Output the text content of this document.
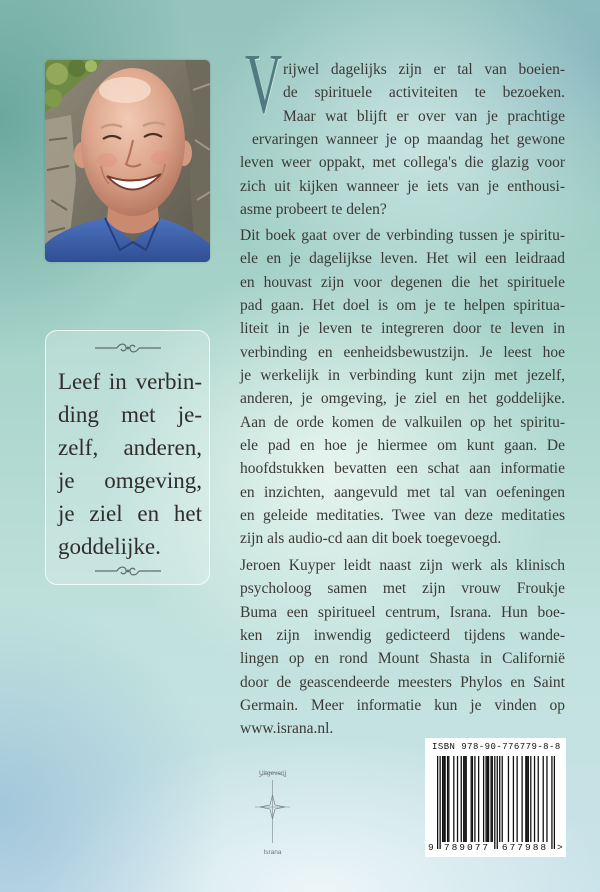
Leef in verbin-
ding met je-
zelf, anderen,
je omgeving,
je ziel en het
goddelijke.
V rijwel dagelijks zijn er tal van boeien-
de spirituele activiteiten te bezoeken.
Maar wat blijft er over van je prachtige
ervaringen wanneer je op maandag het gewone
leven weer oppakt, met collega's die glazig voor
zich uit kijken wanneer je iets van je enthousi-
asme probeert te delen?
Dit boek gaat over de verbinding tussen je spiritu-
ele en je dagelijkse leven. Het wil een leidraad
en houvast zijn voor degenen die het spirituele
pad gaan. Het doel is om je te helpen spiritua-
liteit in je leven te integreren door te leven in
verbinding en eenheidsbewustzijn. Je leest hoe
je werkelijk in verbinding kunt zijn met jezelf,
anderen, je omgeving, je ziel en het goddelijke.
Aan de orde komen de valkuilen op het spiritu-
ele pad en hoe je hiermee om kunt gaan. De
hoofdstukken bevatten een schat aan informatie
en inzichten, aangevuld met tal van oefeningen
en geleide meditaties. Twee van deze meditaties
zijn als audio-cd aan dit boek toegevoegd.
Jeroen Kuyper leidt naast zijn werk als klinisch
psycholoog samen met zijn vrouw Froukje
Buma een spiritueel centrum, Israna. Hun boe-
ken zijn inwendig gedicteerd tijdens wande-
lingen op en rond Mount Shasta in Californië
door de geascendeerde meesters Phylos en Saint
Germain. Meer informatie kun je vinden op
www.israna.nl.
Uitgeverij
Israna
ISBN 978-90-776779-8-8
9	789077	677988 >
